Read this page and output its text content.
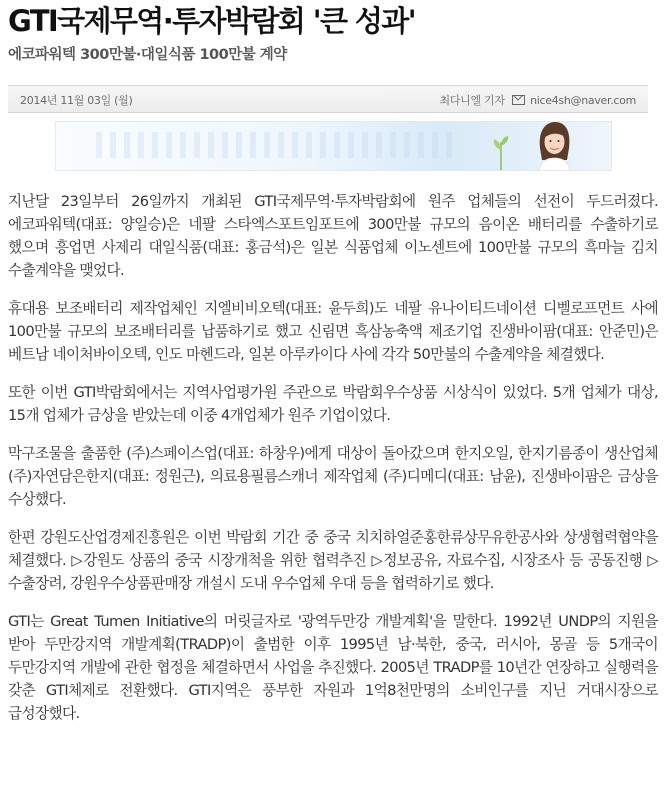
GTI국제무역·투자박람회 '큰 성과'
에코파워텍 300만불·대일식품 100만불 계약
2014년 11월 03일 (월)	최다니엘 기자 nice4sh@naver.com

지난달 23일부터 26일까지 개최된 GTI국제무역·투자박람회에 원주 업체들의 선전이 두드러졌다. 에코파워텍(대표: 양일승)은 네팔 스타엑스포트임포트에 300만불 규모의 음이온 배터리를 수출하기로 했으며 흥업면 사제리 대일식품(대표: 홍금석)은 일본 식품업체 이노센트에 100만불 규모의 흑마늘 김치 수출계약을 맺었다.

휴대용 보조배터리 제작업체인 지엘비비오텍(대표: 윤두희)도 네팔 유나이티드네이션 디벨로프먼트 사에 100만불 규모의 보조배터리를 납품하기로 했고 신림면 흑삼농축액 제조기업 진생바이팜(대표: 안준민)은 베트남 네이처바이오텍, 인도 마헨드라, 일본 아루카이다 사에 각각 50만불의 수출계약을 체결했다.

또한 이번 GTI박람회에서는 지역사업평가원 주관으로 박람회우수상품 시상식이 있었다. 5개 업체가 대상, 15개 업체가 금상을 받았는데 이중 4개업체가 원주 기업이었다.

막구조물을 출품한 (주)스페이스업(대표: 하창우)에게 대상이 돌아갔으며 한지오일, 한지기름종이 생산업체 (주)자연담은한지(대표: 정원근), 의료용필름스캐너 제작업체 (주)디메디(대표: 남윤), 진생바이팜은 금상을 수상했다.

한편 강원도산업경제진흥원은 이번 박람회 기간 중 중국 치치하얼준홍한류상무유한공사와 상생협력협약을 체결했다. ▷강원도 상품의 중국 시장개척을 위한 협력추진 ▷정보공유, 자료수집, 시장조사 등 공동진행 ▷수출장려, 강원우수상품판매장 개설시 도내 우수업체 우대 등을 협력하기로 했다.

GTI는 Great Tumen Initiative의 머릿글자로 '광역두만강 개발계획'을 말한다. 1992년 UNDP의 지원을 받아 두만강지역 개발계획(TRADP)이 출범한 이후 1995년 남·북한, 중국, 러시아, 몽골 등 5개국이 두만강지역 개발에 관한 협정을 체결하면서 사업을 추진했다. 2005년 TRADP를 10년간 연장하고 실행력을 갖춘 GTI체제로 전환했다. GTI지역은 풍부한 자원과 1억8천만명의 소비인구를 지닌 거대시장으로 급성장했다.
